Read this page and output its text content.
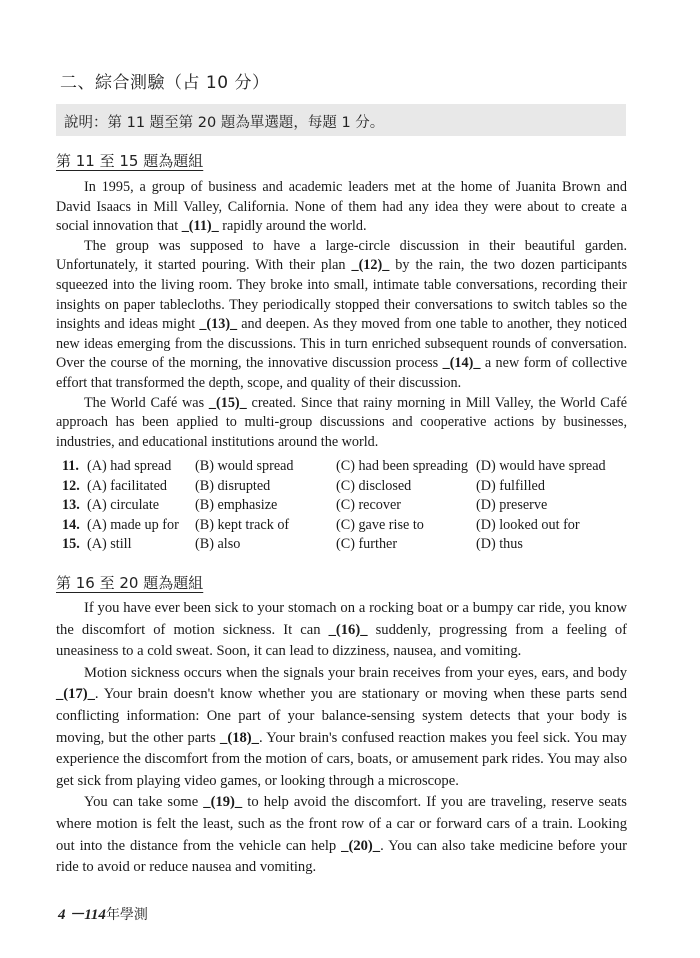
二、綜合測驗（占 10 分）
說明：第 11 題至第 20 題為單選題，每題 1 分。
第 11 至 15 題為題組

In 1995, a group of business and academic leaders met at the home of Juanita Brown and David Isaacs in Mill Valley, California. None of them had any idea they were about to create a social innovation that _(11)_ rapidly around the world.

The group was supposed to have a large-circle discussion in their beautiful garden. Unfortunately, it started pouring. With their plan _(12)_ by the rain, the two dozen participants squeezed into the living room. They broke into small, intimate table conversations, recording their insights on paper tablecloths. They periodically stopped their conversations to switch tables so the insights and ideas might _(13)_ and deepen. As they moved from one table to another, they noticed new ideas emerging from the discussions. This in turn enriched subsequent rounds of conversation. Over the course of the morning, the innovative discussion process _(14)_ a new form of collective effort that transformed the depth, scope, and quality of their discussion.

The World Café was _(15)_ created. Since that rainy morning in Mill Valley, the World Café approach has been applied to multi-group discussions and cooperative actions by businesses, industries, and educational institutions around the world.

11. (A) had spread (B) would spread	(C) had been spreading (D) would have spread
12. (A) facilitated (B) disrupted	(C) disclosed	(D) fulfilled
13. (A) circulate	(B) emphasize	(C) recover	(D) preserve
14. (A) made up for (B) kept track of	(C) gave rise to	(D) looked out for
15. (A) still	(B) also	(C) further	(D) thus
第 16 至 20 題為題組

If you have ever been sick to your stomach on a rocking boat or a bumpy car ride, you know the discomfort of motion sickness. It can _(16)_ suddenly, progressing from a feeling of uneasiness to a cold sweat. Soon, it can lead to dizziness, nausea, and vomiting.

Motion sickness occurs when the signals your brain receives from your eyes, ears, and body _(17)_. Your brain doesn't know whether you are stationary or moving when these parts send conflicting information: One part of your balance-sensing system detects that your body is moving, but the other parts _(18)_. Your brain's confused reaction makes you feel sick. You may experience the discomfort from the motion of cars, boats, or amusement park rides. You may also get sick from playing video games, or looking through a microscope.

You can take some _(19)_ to help avoid the discomfort. If you are traveling, reserve seats where motion is felt the least, such as the front row of a car or forward cars of a train. Looking out into the distance from the vehicle can help _(20)_. You can also take medicine before your ride to avoid or reduce nausea and vomiting.

4 －114年學測
